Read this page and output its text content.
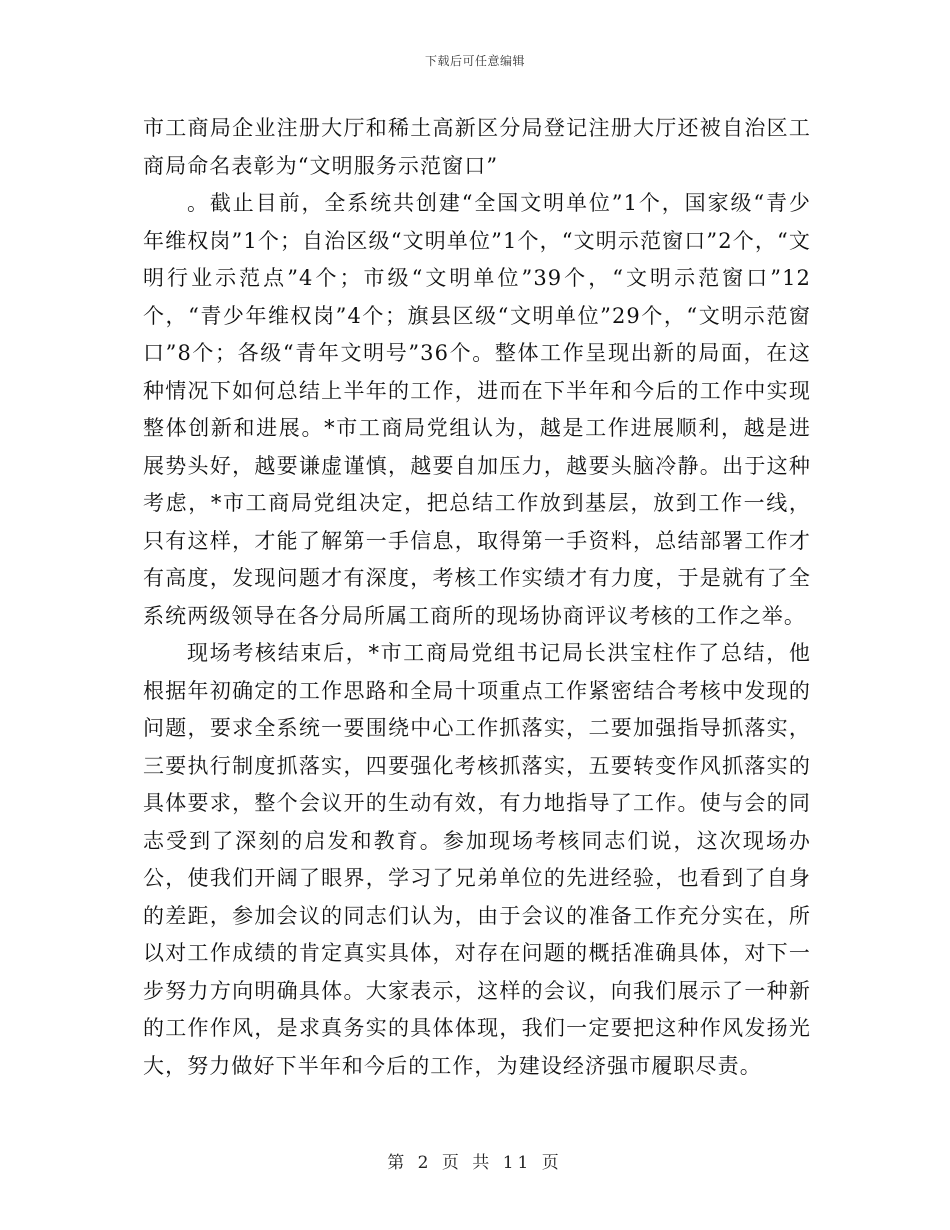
下载后可任意编辑

市工商局企业注册大厅和稀土高新区分局登记注册大厅还被自治区工商局命名表彰为“文明服务示范窗口”

。截止目前，全系统共创建“全国文明单位”1个，国家级“青少年维权岗”1个；自治区级“文明单位”1个，“文明示范窗口”2个，“文明行业示范点”4个；市级“文明单位”39个，“文明示范窗口”12个，“青少年维权岗”4个；旗县区级“文明单位”29个，“文明示范窗口”8个；各级“青年文明号”36个。整体工作呈现出新的局面，在这种情况下如何总结上半年的工作，进而在下半年和今后的工作中实现整体创新和进展。*市工商局党组认为，越是工作进展顺利，越是进展势头好，越要谦虚谨慎，越要自加压力，越要头脑冷静。出于这种考虑，*市工商局党组决定，把总结工作放到基层，放到工作一线，只有这样，才能了解第一手信息，取得第一手资料，总结部署工作才有高度，发现问题才有深度，考核工作实绩才有力度，于是就有了全系统两级领导在各分局所属工商所的现场协商评议考核的工作之举。

现场考核结束后，*市工商局党组书记局长洪宝柱作了总结，他根据年初确定的工作思路和全局十项重点工作紧密结合考核中发现的问题，要求全系统一要围绕中心工作抓落实，二要加强指导抓落实，三要执行制度抓落实，四要强化考核抓落实，五要转变作风抓落实的具体要求，整个会议开的生动有效，有力地指导了工作。使与会的同志受到了深刻的启发和教育。参加现场考核同志们说，这次现场办公，使我们开阔了眼界，学习了兄弟单位的先进经验，也看到了自身的差距，参加会议的同志们认为，由于会议的准备工作充分实在，所以对工作成绩的肯定真实具体，对存在问题的概括准确具体，对下一步努力方向明确具体。大家表示，这样的会议，向我们展示了一种新的工作作风，是求真务实的具体体现，我们一定要把这种作风发扬光大，努力做好下半年和今后的工作，为建设经济强市履职尽责。

第 2 页 共 11 页
